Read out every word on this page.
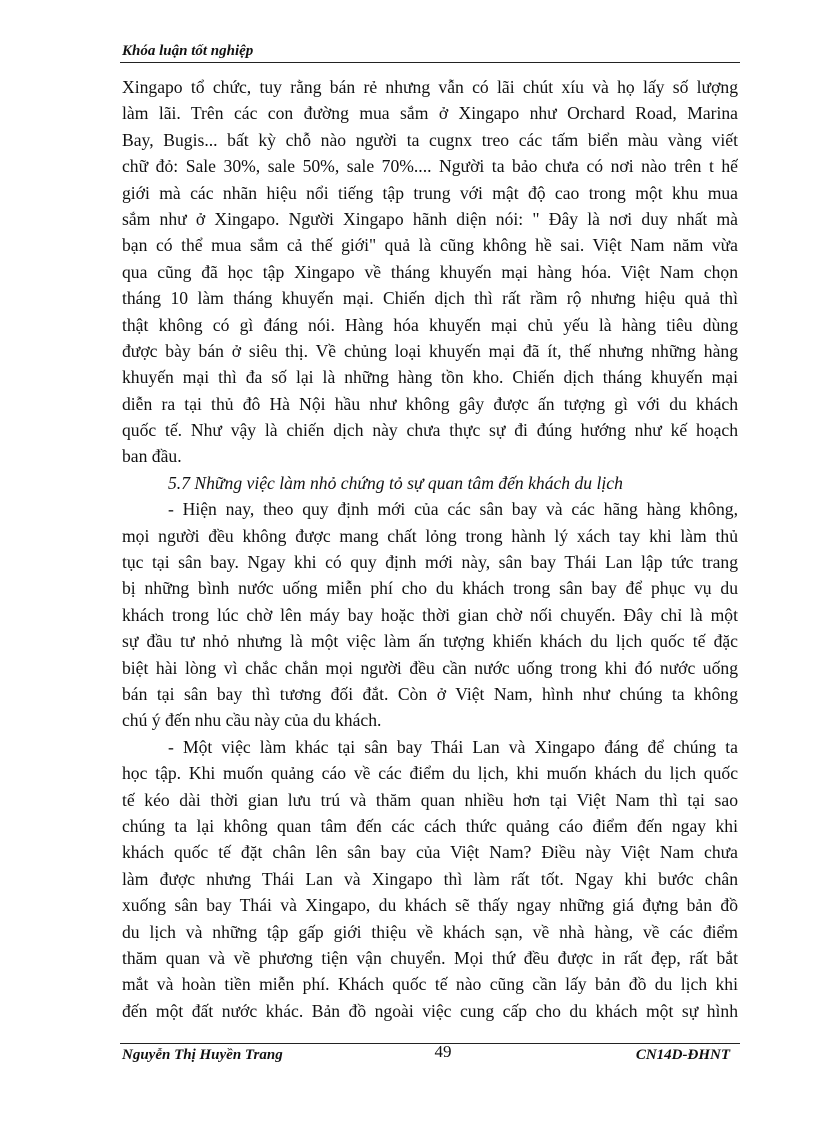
Khóa luận tốt nghiệp
Xingapo tổ chức, tuy rằng bán rẻ nhưng vẫn có lãi chút xíu và họ lấy số lượng
làm lãi. Trên các con đường mua sắm ở Xingapo như Orchard Road, Marina
Bay, Bugis... bất kỳ chỗ nào người ta cugnx treo các tấm biển màu vàng viết
chữ đỏ: Sale 30%, sale 50%, sale 70%.... Người ta bảo chưa có nơi nào trên t hế
giới mà các nhãn hiệu nổi tiếng tập trung với mật độ cao trong một khu mua
sắm như ở Xingapo. Người Xingapo hãnh diện nói: " Đây là nơi duy nhất mà
bạn có thể mua sắm cả thế giới" quả là cũng không hề sai. Việt Nam năm vừa
qua cũng đã học tập Xingapo về tháng khuyến mại hàng hóa. Việt Nam chọn
tháng 10 làm tháng khuyến mại. Chiến dịch thì rất rầm rộ nhưng hiệu quả thì
thật không có gì đáng nói. Hàng hóa khuyến mại chủ yếu là hàng tiêu dùng
được bày bán ở siêu thị. Về chủng loại khuyến mại đã ít, thế nhưng những hàng
khuyến mại thì đa số lại là những hàng tồn kho. Chiến dịch tháng khuyến mại
diễn ra tại thủ đô Hà Nội hầu như không gây được ấn tượng gì với du khách
quốc tế. Như vậy là chiến dịch này chưa thực sự đi đúng hướng như kế hoạch
ban đầu.
5.7 Những việc làm nhỏ chứng tỏ sự quan tâm đến khách du lịch
- Hiện nay, theo quy định mới của các sân bay và các hãng hàng không,
mọi người đều không được mang chất lỏng trong hành lý xách tay khi làm thủ
tục tại sân bay. Ngay khi có quy định mới này, sân bay Thái Lan lập tức trang
bị những bình nước uống miễn phí cho du khách trong sân bay để phục vụ du
khách trong lúc chờ lên máy bay hoặc thời gian chờ nối chuyến. Đây chỉ là một
sự đầu tư nhỏ nhưng là một việc làm ấn tượng khiến khách du lịch quốc tế đặc
biệt hài lòng vì chắc chắn mọi người đều cần nước uống trong khi đó nước uống
bán tại sân bay thì tương đối đắt. Còn ở Việt Nam, hình như chúng ta không
chú ý đến nhu cầu này của du khách.
- Một việc làm khác tại sân bay Thái Lan và Xingapo đáng để chúng ta
học tập. Khi muốn quảng cáo về các điểm du lịch, khi muốn khách du lịch quốc
tế kéo dài thời gian lưu trú và thăm quan nhiều hơn tại Việt Nam thì tại sao
chúng ta lại không quan tâm đến các cách thức quảng cáo điểm đến ngay khi
khách quốc tế đặt chân lên sân bay của Việt Nam? Điều này Việt Nam chưa
làm được nhưng Thái Lan và Xingapo thì làm rất tốt. Ngay khi bước chân
xuống sân bay Thái và Xingapo, du khách sẽ thấy ngay những giá đựng bản đồ
du lịch và những tập gấp giới thiệu về khách sạn, về nhà hàng, về các điểm
thăm quan và về phương tiện vận chuyển. Mọi thứ đều được in rất đẹp, rất bắt
mắt và hoàn tiền miễn phí. Khách quốc tế nào cũng cần lấy bản đồ du lịch khi
đến một đất nước khác. Bản đồ ngoài việc cung cấp cho du khách một sự hình
Nguyễn Thị Huyền Trang	49	CN14D-ĐHNT
